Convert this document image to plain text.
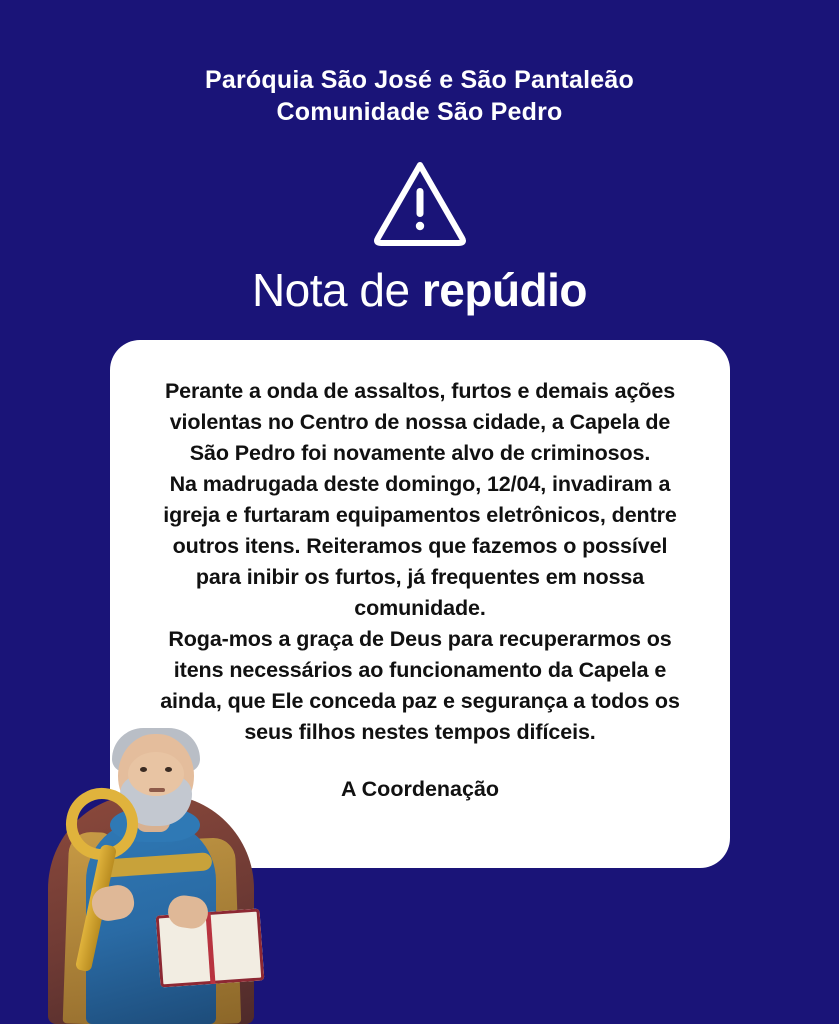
Paróquia São José e São Pantaleão
Comunidade São Pedro
Nota de repúdio

Perante a onda de assaltos, furtos e demais ações violentas no Centro de nossa cidade, a Capela de São Pedro foi novamente alvo de criminosos.

Na madrugada deste domingo, 12/04, invadiram a igreja e furtaram equipamentos eletrônicos, dentre outros itens. Reiteramos que fazemos o possível para inibir os furtos, já frequentes em nossa comunidade.

Roga-mos a graça de Deus para recuperarmos os itens necessários ao funcionamento da Capela e ainda, que Ele conceda paz e segurança a todos os seus filhos nestes tempos difíceis.

A Coordenação
